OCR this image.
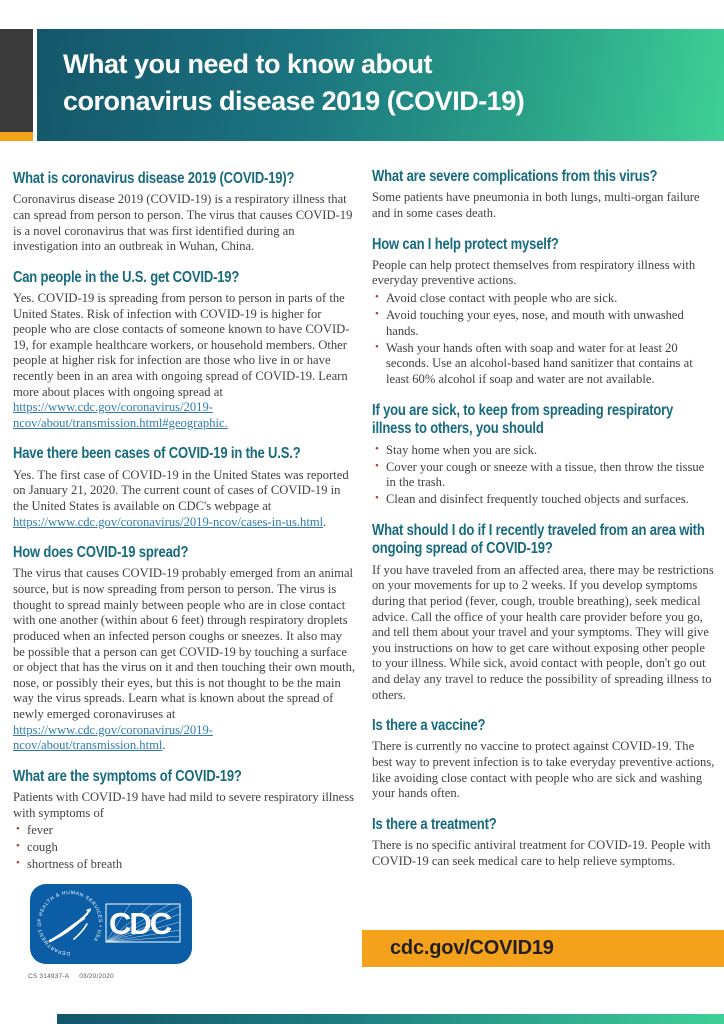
What you need to know about
coronavirus disease 2019 (COVID-19)
What is coronavirus disease 2019 (COVID-19)?

Coronavirus disease 2019 (COVID-19) is a respiratory illness that can spread from person to person. The virus that causes COVID-19 is a novel coronavirus that was first identified during an investigation into an outbreak in Wuhan, China.

Can people in the U.S. get COVID-19?

Yes. COVID-19 is spreading from person to person in parts of the United States. Risk of infection with COVID-19 is higher for people who are close contacts of someone known to have COVID-19, for example healthcare workers, or household members. Other people at higher risk for infection are those who live in or have recently been in an area with ongoing spread of COVID-19. Learn more about places with ongoing spread at https://www.cdc.gov/coronavirus/2019-ncov/about/transmission.html#geographic.

Have there been cases of COVID-19 in the U.S.?

Yes. The first case of COVID-19 in the United States was reported on January 21, 2020. The current count of cases of COVID-19 in the United States is available on CDC's webpage at https://www.cdc.gov/coronavirus/2019-ncov/cases-in-us.html.

How does COVID-19 spread?

The virus that causes COVID-19 probably emerged from an animal source, but is now spreading from person to person. The virus is thought to spread mainly between people who are in close contact with one another (within about 6 feet) through respiratory droplets produced when an infected person coughs or sneezes. It also may be possible that a person can get COVID-19 by touching a surface or object that has the virus on it and then touching their own mouth, nose, or possibly their eyes, but this is not thought to be the main way the virus spreads. Learn what is known about the spread of newly emerged coronaviruses at https://www.cdc.gov/coronavirus/2019-ncov/about/transmission.html.

What are the symptoms of COVID-19?

Patients with COVID-19 have had mild to severe respiratory illness with symptoms of

• fever
• cough
• shortness of breath
What are severe complications from this virus?

Some patients have pneumonia in both lungs, multi-organ failure and in some cases death.

How can I help protect myself?

People can help protect themselves from respiratory illness with everyday preventive actions.

• Avoid close contact with people who are sick.
• Avoid touching your eyes, nose, and mouth with unwashed hands.
• Wash your hands often with soap and water for at least 20 seconds. Use an alcohol-based hand sanitizer that contains at least 60% alcohol if soap and water are not available.
If you are sick, to keep from spreading respiratory illness to others, you should
• Stay home when you are sick.
• Cover your cough or sneeze with a tissue, then throw the tissue in the trash.
• Clean and disinfect frequently touched objects and surfaces.
What should I do if I recently traveled from an area with ongoing spread of COVID-19?

If you have traveled from an affected area, there may be restrictions on your movements for up to 2 weeks. If you develop symptoms during that period (fever, cough, trouble breathing), seek medical advice. Call the office of your health care provider before you go, and tell them about your travel and your symptoms. They will give you instructions on how to get care without exposing other people to your illness. While sick, avoid contact with people, don't go out and delay any travel to reduce the possibility of spreading illness to others.

Is there a vaccine?

There is currently no vaccine to protect against COVID-19. The best way to prevent infection is to take everyday preventive actions, like avoiding close contact with people who are sick and washing your hands often.

Is there a treatment?

There is no specific antiviral treatment for COVID-19. People with COVID-19 can seek medical care to help relieve symptoms.

DEPARTMENT OF HEALTH & HUMAN SERVICES • USA CDC
CS 314937-A 03/20/2020
cdc.gov/COVID19
